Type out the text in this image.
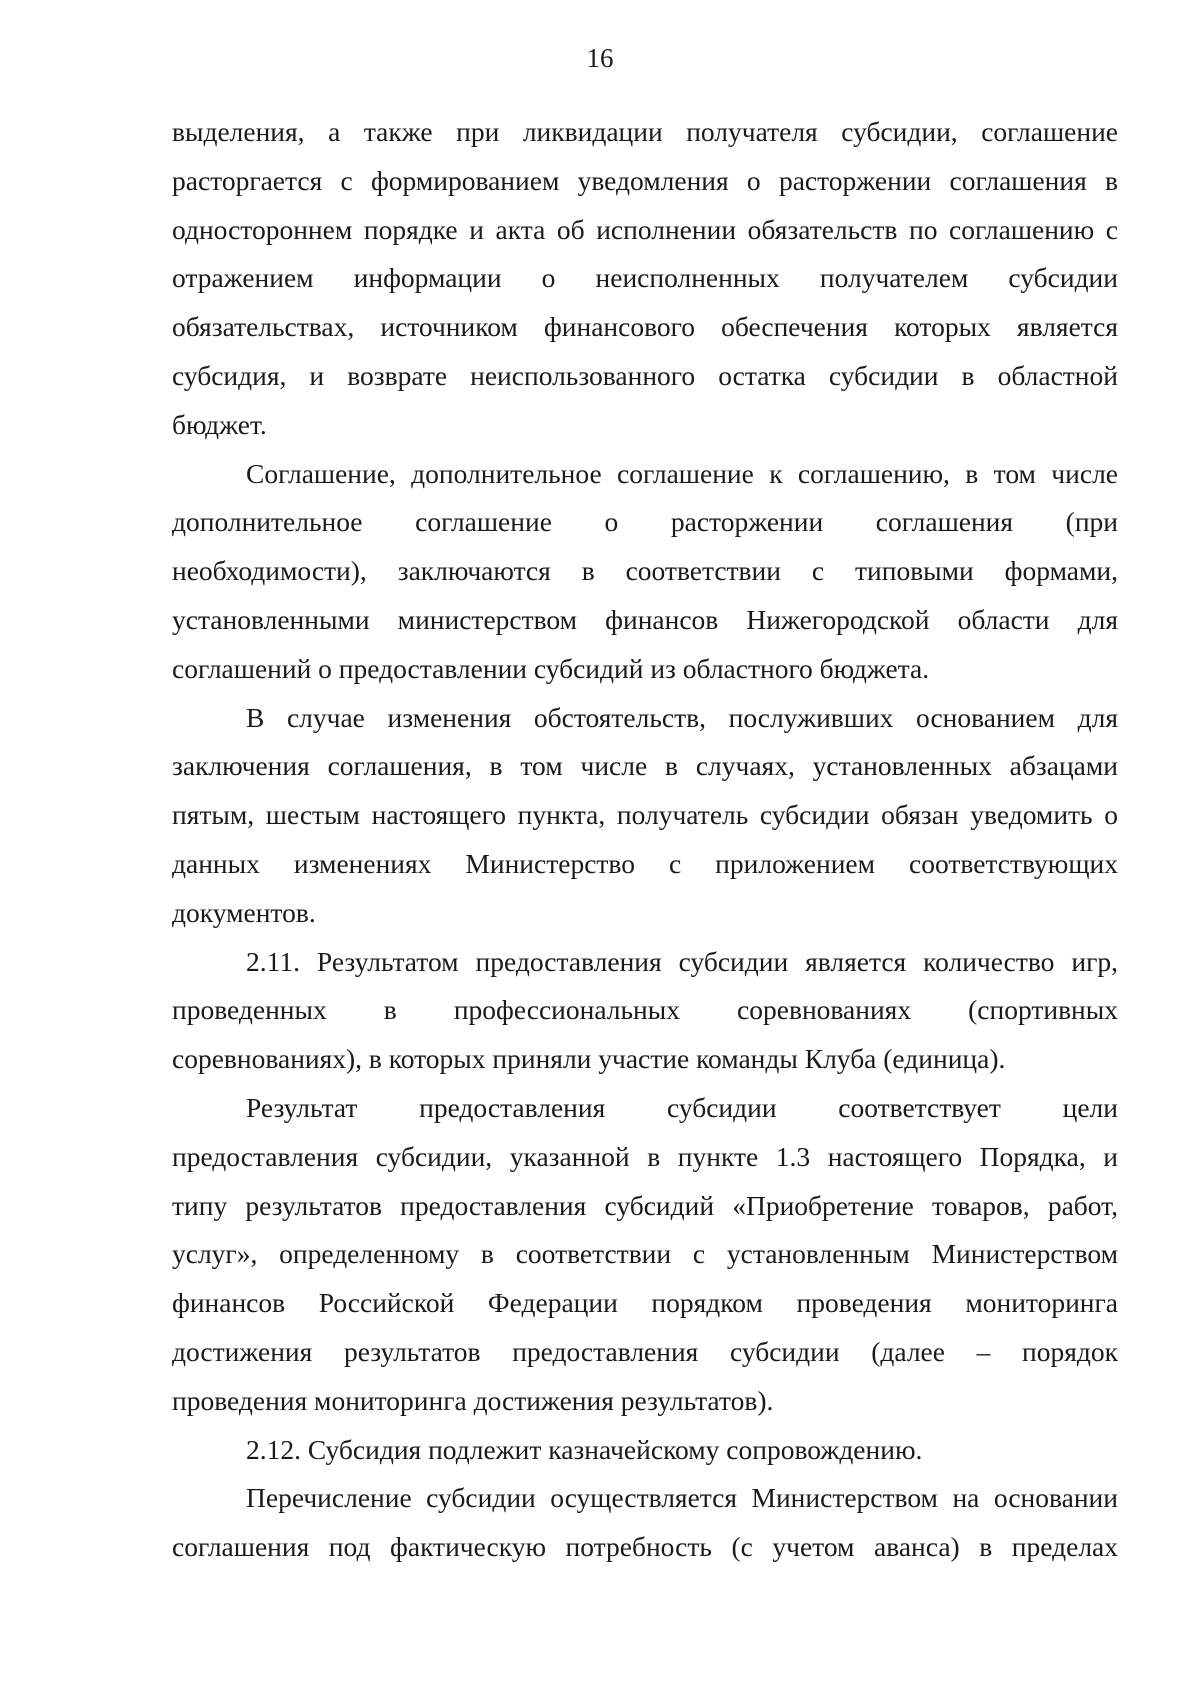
16
выделения, а также при ликвидации получателя субсидии, соглашение
расторгается с формированием уведомления о расторжении соглашения в
одностороннем порядке и акта об исполнении обязательств по соглашению с
отражением информации о неисполненных получателем субсидии
обязательствах, источником финансового обеспечения которых является
субсидия, и возврате неиспользованного остатка субсидии в областной
бюджет.
Соглашение, дополнительное соглашение к соглашению, в том числе
дополнительное соглашение о расторжении соглашения (при
необходимости), заключаются в соответствии с типовыми формами,
установленными министерством финансов Нижегородской области для
соглашений о предоставлении субсидий из областного бюджета.
В случае изменения обстоятельств, послуживших основанием для
заключения соглашения, в том числе в случаях, установленных абзацами
пятым, шестым настоящего пункта, получатель субсидии обязан уведомить о
данных изменениях Министерство с приложением соответствующих
документов.
2.11. Результатом предоставления субсидии является количество игр,
проведенных в профессиональных соревнованиях (спортивных
соревнованиях), в которых приняли участие команды Клуба (единица).
Результат предоставления субсидии соответствует цели
предоставления субсидии, указанной в пункте 1.3 настоящего Порядка, и
типу результатов предоставления субсидий «Приобретение товаров, работ,
услуг», определенному в соответствии с установленным Министерством
финансов Российской Федерации порядком проведения мониторинга
достижения результатов предоставления субсидии (далее – порядок
проведения мониторинга достижения результатов).
2.12. Субсидия подлежит казначейскому сопровождению.
Перечисление субсидии осуществляется Министерством на основании
соглашения под фактическую потребность (с учетом аванса) в пределах
